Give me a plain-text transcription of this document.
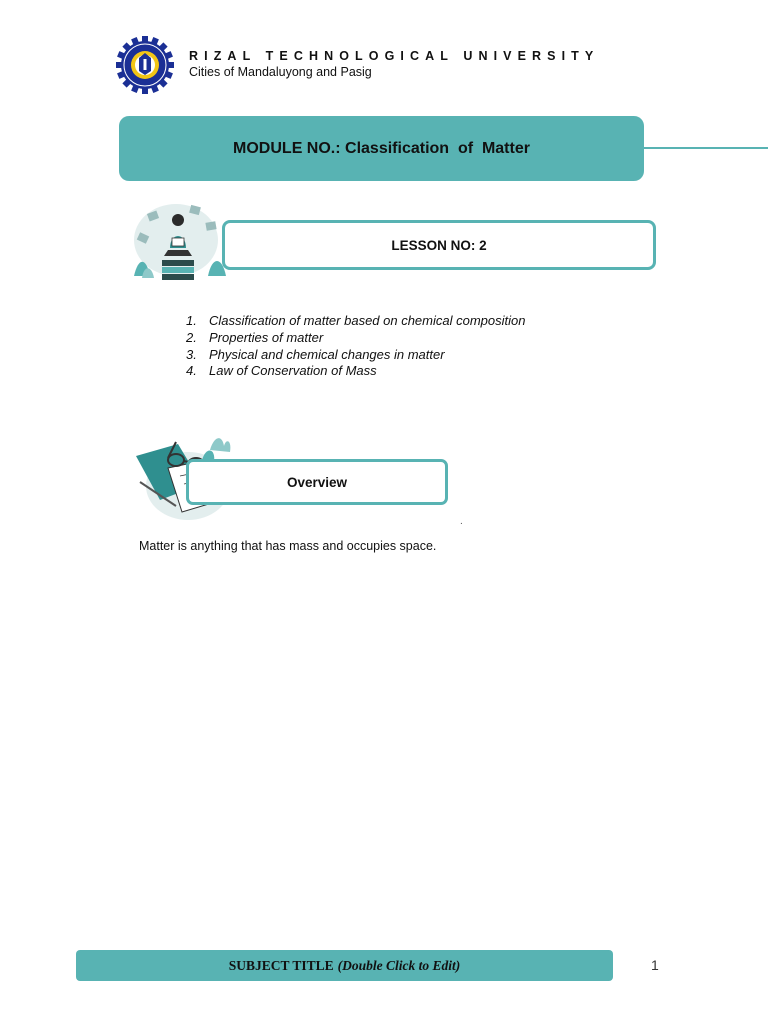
RIZAL TECHNOLOGICAL UNIVERSITY
Cities of Mandaluyong and Pasig
MODULE NO.: Classification  of  Matter
LESSON NO: 2
1. Classification of matter based on chemical composition
2. Properties of matter
3. Physical and chemical changes in matter
4. Law of Conservation of Mass
Overview
.
Matter is anything that has mass and occupies space.
SUBJECT TITLE (Double Click to Edit)	1
